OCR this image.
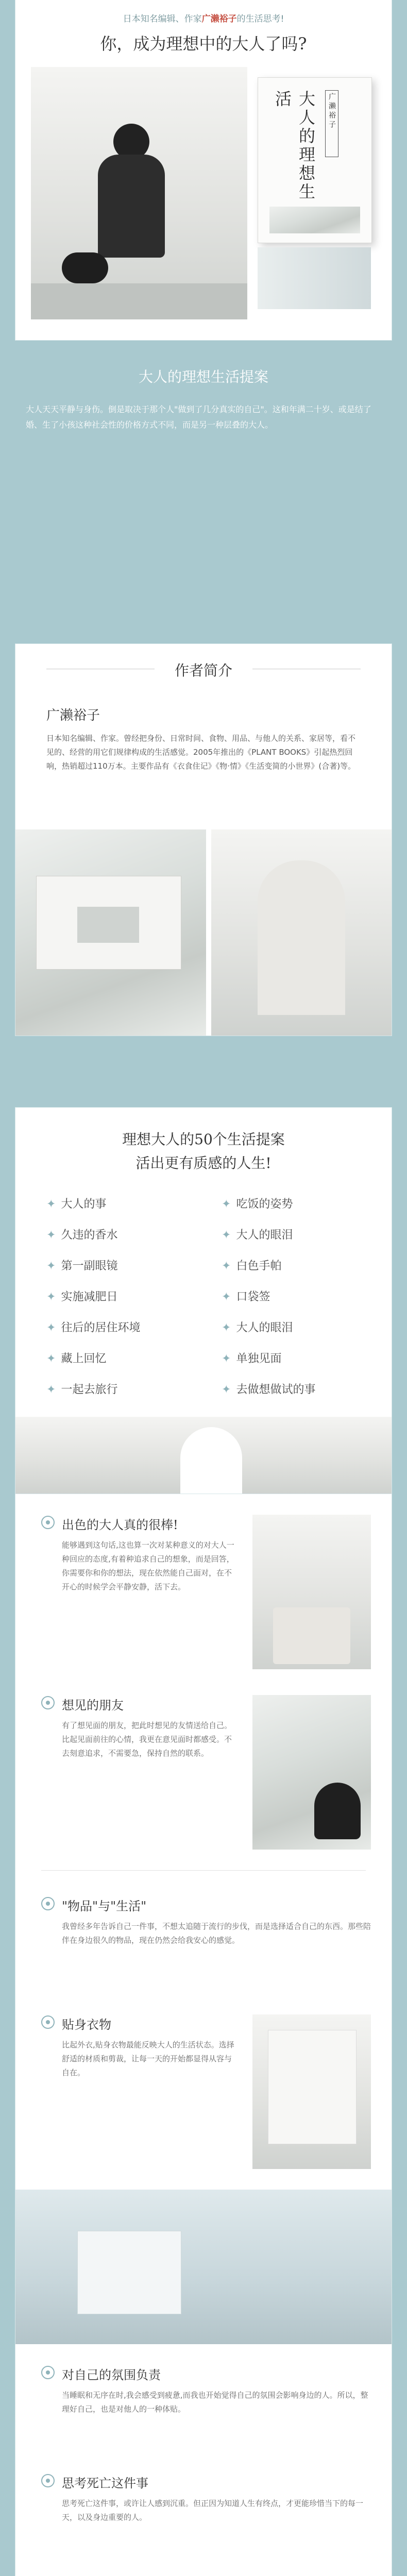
日本知名编辑、作家广濑裕子的生活思考!
你，成为理想中的大人了吗?
大人的理想生活	广濑裕子
大人的理想生活提案
大人天天平静与身伤。倒是取决于那个人"做到了几分真实的自己"。这和年满二十岁、或是结了婚、生了小孩这种社会性的价格方式不同，而是另一种层叠的大人。
作者简介
广濑裕子
日本知名编辑、作家。曾经把身份、日常时间、食物、用品、与他人的关系、家居等，看不见的、经营的用它们规律构成的生活感觉。2005年推出的《PLANT BOOKS》引起热烈回响，热销超过110万本。主要作品有《衣食住记》《物·情》《生活变简的小世界》(合著)等。
理想大人的50个生活提案
活出更有质感的人生!
✦ 大人的事
✦ 久违的香水
✦ 第一副眼镜
✦ 实施减肥日
✦ 往后的居住环境
✦ 藏上回忆
✦ 一起去旅行
✦ 吃饭的姿势
✦ 大人的眼泪
✦ 白色手帕
✦ 口袋签
✦ 大人的眼泪
✦ 单独见面
✦ 去做想做试的事
出色的大人真的很棒!
能够遇到这句话,这也算一次对某种意义的对大人一种回应的态度,有着种追求自己的想象，而是回答，你需要你和你的想法，现在依然能自己面对，在不开心的时候学会平静安静，活下去。
想见的朋友
有了想见面的朋友，把此时想见的友情送给自己。比起见面前往的心情，我更在意见面时都感受。不去刻意追求，不需要急，保持自然的联系。
"物品"与"生活"
我曾经多年告诉自己一件事，不想太追随于流行的步伐，而是选择适合自己的东西。那些陪伴在身边很久的物品，现在仍然会给我安心的感觉。
贴身衣物
比起外衣,贴身衣物最能反映大人的生活状态。选择舒适的材质和剪裁，让每一天的开始都显得从容与自在。
对自己的氛围负责
当睡眠和无序在时,我会感受到疲惫,而我也开始觉得自己的氛围会影响身边的人。所以，整理好自己，也是对他人的一种体贴。
思考死亡这件事
思考死亡这件事，或许让人感到沉重。但正因为知道人生有终点，才更能珍惜当下的每一天，以及身边重要的人。
